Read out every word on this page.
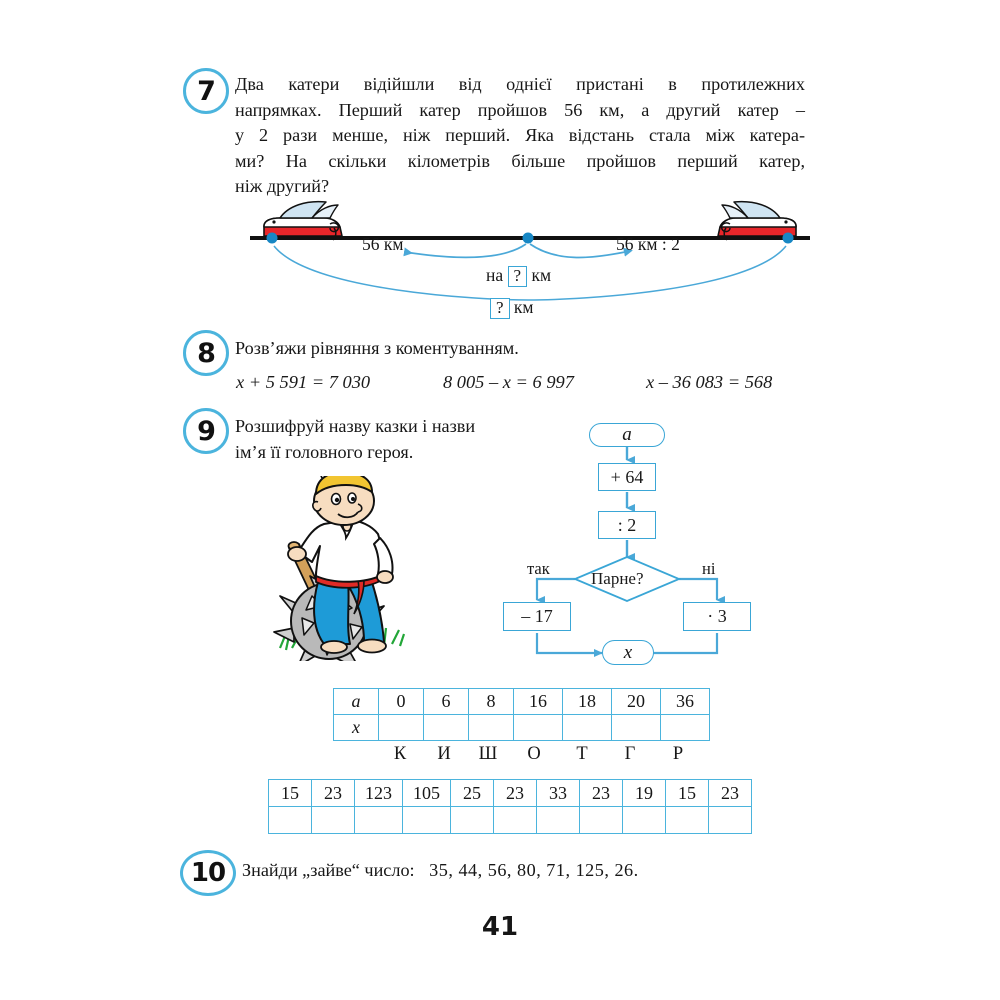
7	Два катери відійшли від однієї пристані в протилежних
напрямках. Перший катер пройшов 56 км, а другий катер –
у 2 рази менше, ніж перший. Яка відстань стала між катера-
ми? На скільки кілометрів більше пройшов перший катер,
ніж другий?
56 км	56 км : 2
на ? км
? км
8	Розв’яжи рівняння з коментуванням.
x + 5 591 = 7 030	8 005 – x = 6 997	x – 36 083 = 568
9	Розшифруй назву казки і назви
ім’я її головного героя.
a
+ 64
: 2
Парне?
так	ні
– 17	· 3
x
a	0	6	8	16	18	20	36
x							
К	И	Ш	О	Т	Г	Р
15	23	123	105	25	23	33	23	19	15	23

10 Знайди „зайве“ число: 35, 44, 56, 80, 71, 125, 26.
41
